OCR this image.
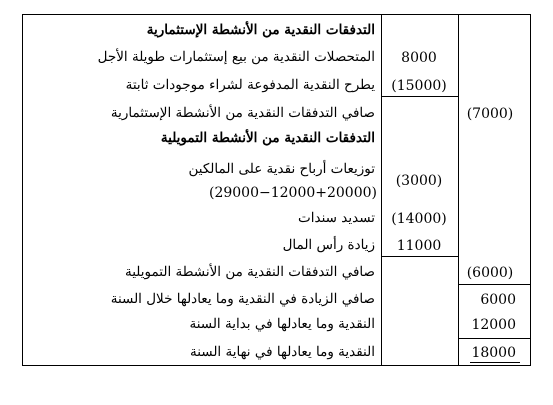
التدفقات النقدية من الأنشطة الإستثمارية
المتحصلات النقدية من بيع إستثمارات طويلة الأجل	8000
يطرح النقدية المدفوعة لشراء موجودات ثابتة	(15000)
صافي التدفقات النقدية من الأنشطة الإستثمارية	(7000)
التدفقات النقدية من الأنشطة التمويلية
توزيعات أرباح نقدية على المالكين
(29000−12000+20000)
(3000)
تسديد سندات	(14000)
زيادة رأس المال	11000
صافي التدفقات النقدية من الأنشطة التمويلية	(6000)
صافي الزيادة في النقدية وما يعادلها خلال السنة	6000
النقدية وما يعادلها في بداية السنة	12000
النقدية وما يعادلها في نهاية السنة	18000
